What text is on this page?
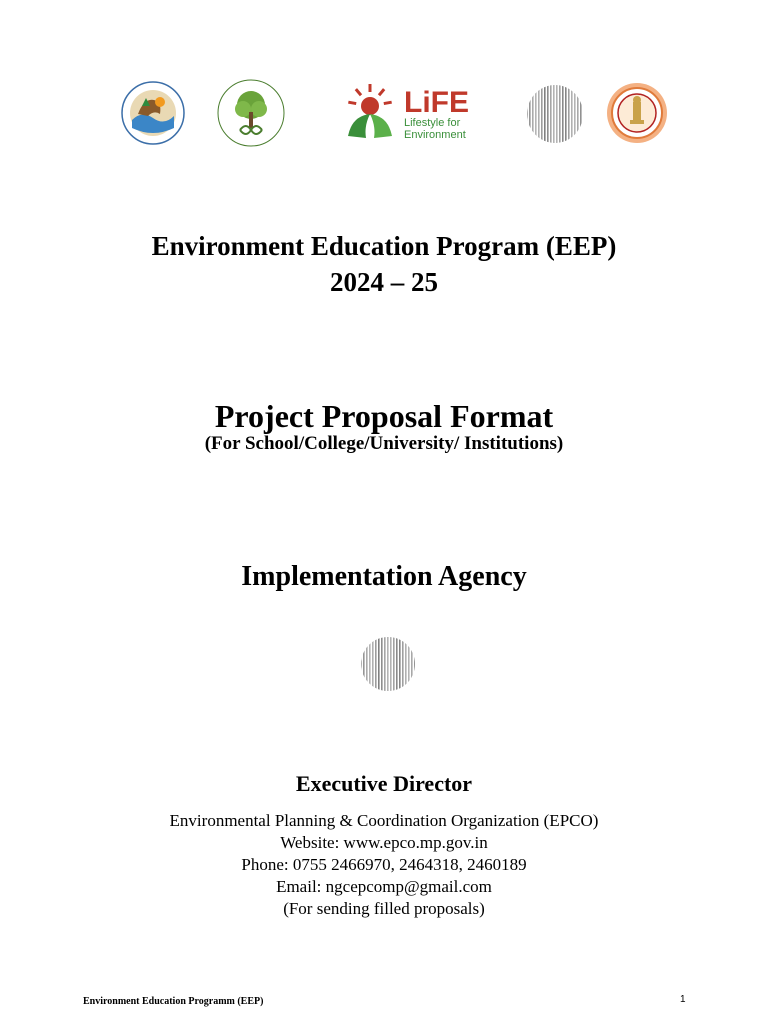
LiFE
Lifestyle for
Environment
Environment Education Program (EEP)
2024 – 25
Project Proposal Format
(For School/College/University/ Institutions)
Implementation Agency
Executive Director
Environmental Planning & Coordination Organization (EPCO)
Website: www.epco.mp.gov.in
Phone: 0755 2466970, 2464318, 2460189
Email: ngcepcomp@gmail.com
(For sending filled proposals)
Environment Education Programm (EEP)	1
